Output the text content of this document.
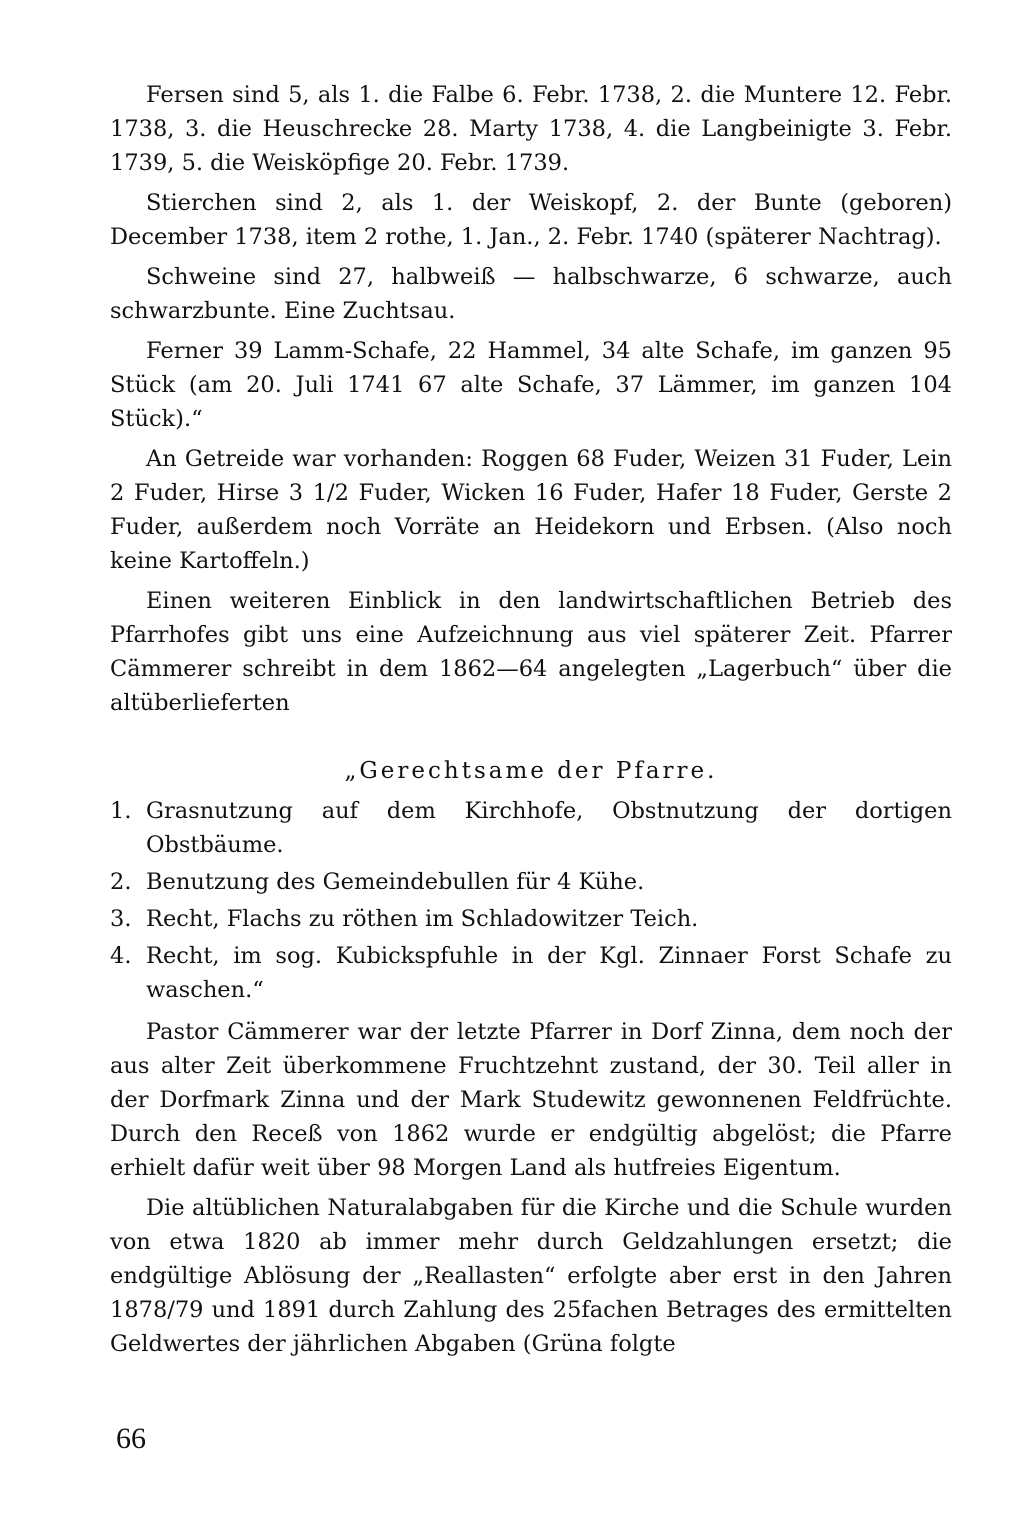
Fersen sind 5, als 1. die Falbe 6. Febr. 1738, 2. die Muntere 12. Febr. 1738, 3. die Heuschrecke 28. Marty 1738, 4. die Langbeinigte 3. Febr. 1739, 5. die Weisköpfige 20. Febr. 1739.

Stierchen sind 2, als 1. der Weiskopf, 2. der Bunte (geboren) December 1738, item 2 rothe, 1. Jan., 2. Febr. 1740 (späterer Nachtrag).

Schweine sind 27, halbweiß — halbschwarze, 6 schwarze, auch schwarzbunte. Eine Zuchtsau.

Ferner 39 Lamm-Schafe, 22 Hammel, 34 alte Schafe, im ganzen 95 Stück (am 20. Juli 1741 67 alte Schafe, 37 Lämmer, im ganzen 104 Stück).“

An Getreide war vorhanden: Roggen 68 Fuder, Weizen 31 Fuder, Lein 2 Fuder, Hirse 3 1/2 Fuder, Wicken 16 Fuder, Hafer 18 Fuder, Gerste 2 Fuder, außerdem noch Vorräte an Heidekorn und Erbsen. (Also noch keine Kartoffeln.)

Einen weiteren Einblick in den landwirtschaftlichen Betrieb des Pfarrhofes gibt uns eine Aufzeichnung aus viel späterer Zeit. Pfarrer Cämmerer schreibt in dem 1862—64 angelegten „Lagerbuch“ über die altüberlieferten

„Gerechtsame der Pfarre.
1. Grasnutzung auf dem Kirchhofe, Obstnutzung der dortigen Obstbäume.
2. Benutzung des Gemeindebullen für 4 Kühe.
3. Recht, Flachs zu röthen im Schladowitzer Teich.
4. Recht, im sog. Kubickspfuhle in der Kgl. Zinnaer Forst Schafe zu waschen.“

Pastor Cämmerer war der letzte Pfarrer in Dorf Zinna, dem noch der aus alter Zeit überkommene Fruchtzehnt zustand, der 30. Teil aller in der Dorfmark Zinna und der Mark Studewitz gewonnenen Feldfrüchte. Durch den Receß von 1862 wurde er endgültig abgelöst; die Pfarre erhielt dafür weit über 98 Morgen Land als hutfreies Eigentum.

Die altüblichen Naturalabgaben für die Kirche und die Schule wurden von etwa 1820 ab immer mehr durch Geldzahlungen ersetzt; die endgültige Ablösung der „Reallasten“ erfolgte aber erst in den Jahren 1878/79 und 1891 durch Zahlung des 25fachen Betrages des ermittelten Geldwertes der jährlichen Abgaben (Grüna folgte

66
